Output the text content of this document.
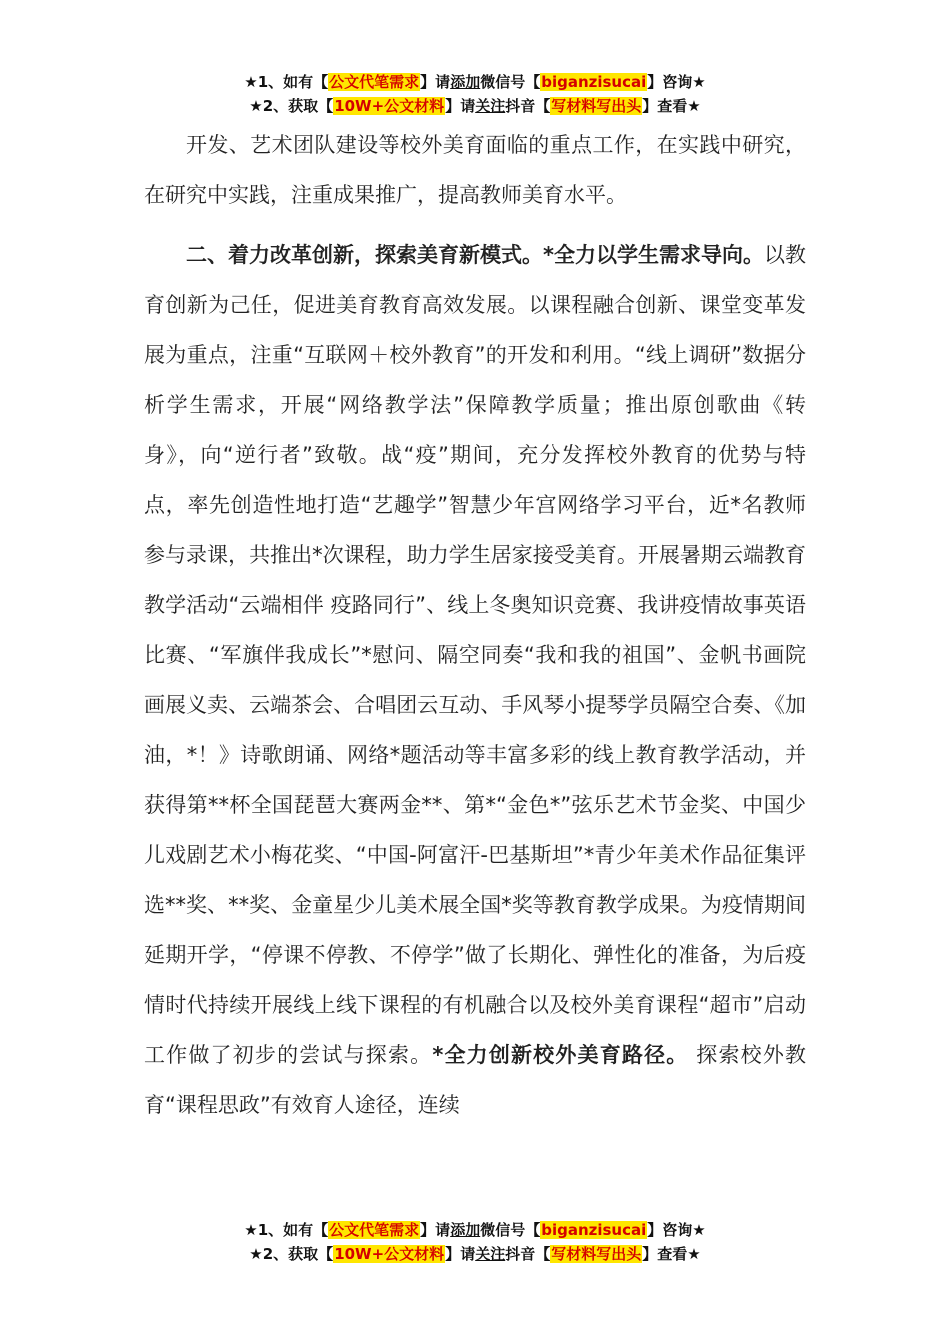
★1、如有【公文代笔需求】请添加微信号【biganzisucai】咨询★
★2、获取【10W+公文材料】请关注抖音【写材料写出头】查看★

开发、艺术团队建设等校外美育面临的重点工作，在实践中研究，在研究中实践，注重成果推广，提高教师美育水平。

二、着力改革创新，探索美育新模式。*全力以学生需求导向。以教育创新为己任，促进美育教育高效发展。以课程融合创新、课堂变革发展为重点，注重“互联网＋校外教育”的开发和利用。“线上调研”数据分析学生需求，开展“网络教学法”保障教学质量；推出原创歌曲《转身》，向“逆行者”致敬。战“疫”期间，充分发挥校外教育的优势与特点，率先创造性地打造“艺趣学”智慧少年宫网络学习平台，近*名教师参与录课，共推出*次课程，助力学生居家接受美育。开展暑期云端教育教学活动“云端相伴 疫路同行”、线上冬奥知识竞赛、我讲疫情故事英语比赛、“军旗伴我成长”*慰问、隔空同奏“我和我的祖国”、金帆书画院画展义卖、云端茶会、合唱团云互动、手风琴小提琴学员隔空合奏、《加油，*！》诗歌朗诵、网络*题活动等丰富多彩的线上教育教学活动，并获得第**杯全国琵琶大赛两金**、第*“金色*”弦乐艺术节金奖、中国少儿戏剧艺术小梅花奖、“中国-阿富汗-巴基斯坦”*青少年美术作品征集评选**奖、**奖、金童星少儿美术展全国*奖等教育教学成果。为疫情期间延期开学，“停课不停教、不停学”做了长期化、弹性化的准备，为后疫情时代持续开展线上线下课程的有机融合以及校外美育课程“超市”启动工作做了初步的尝试与探索。*全力创新校外美育路径。 探索校外教育“课程思政”有效育人途径，连续

★1、如有【公文代笔需求】请添加微信号【biganzisucai】咨询★
★2、获取【10W+公文材料】请关注抖音【写材料写出头】查看★
